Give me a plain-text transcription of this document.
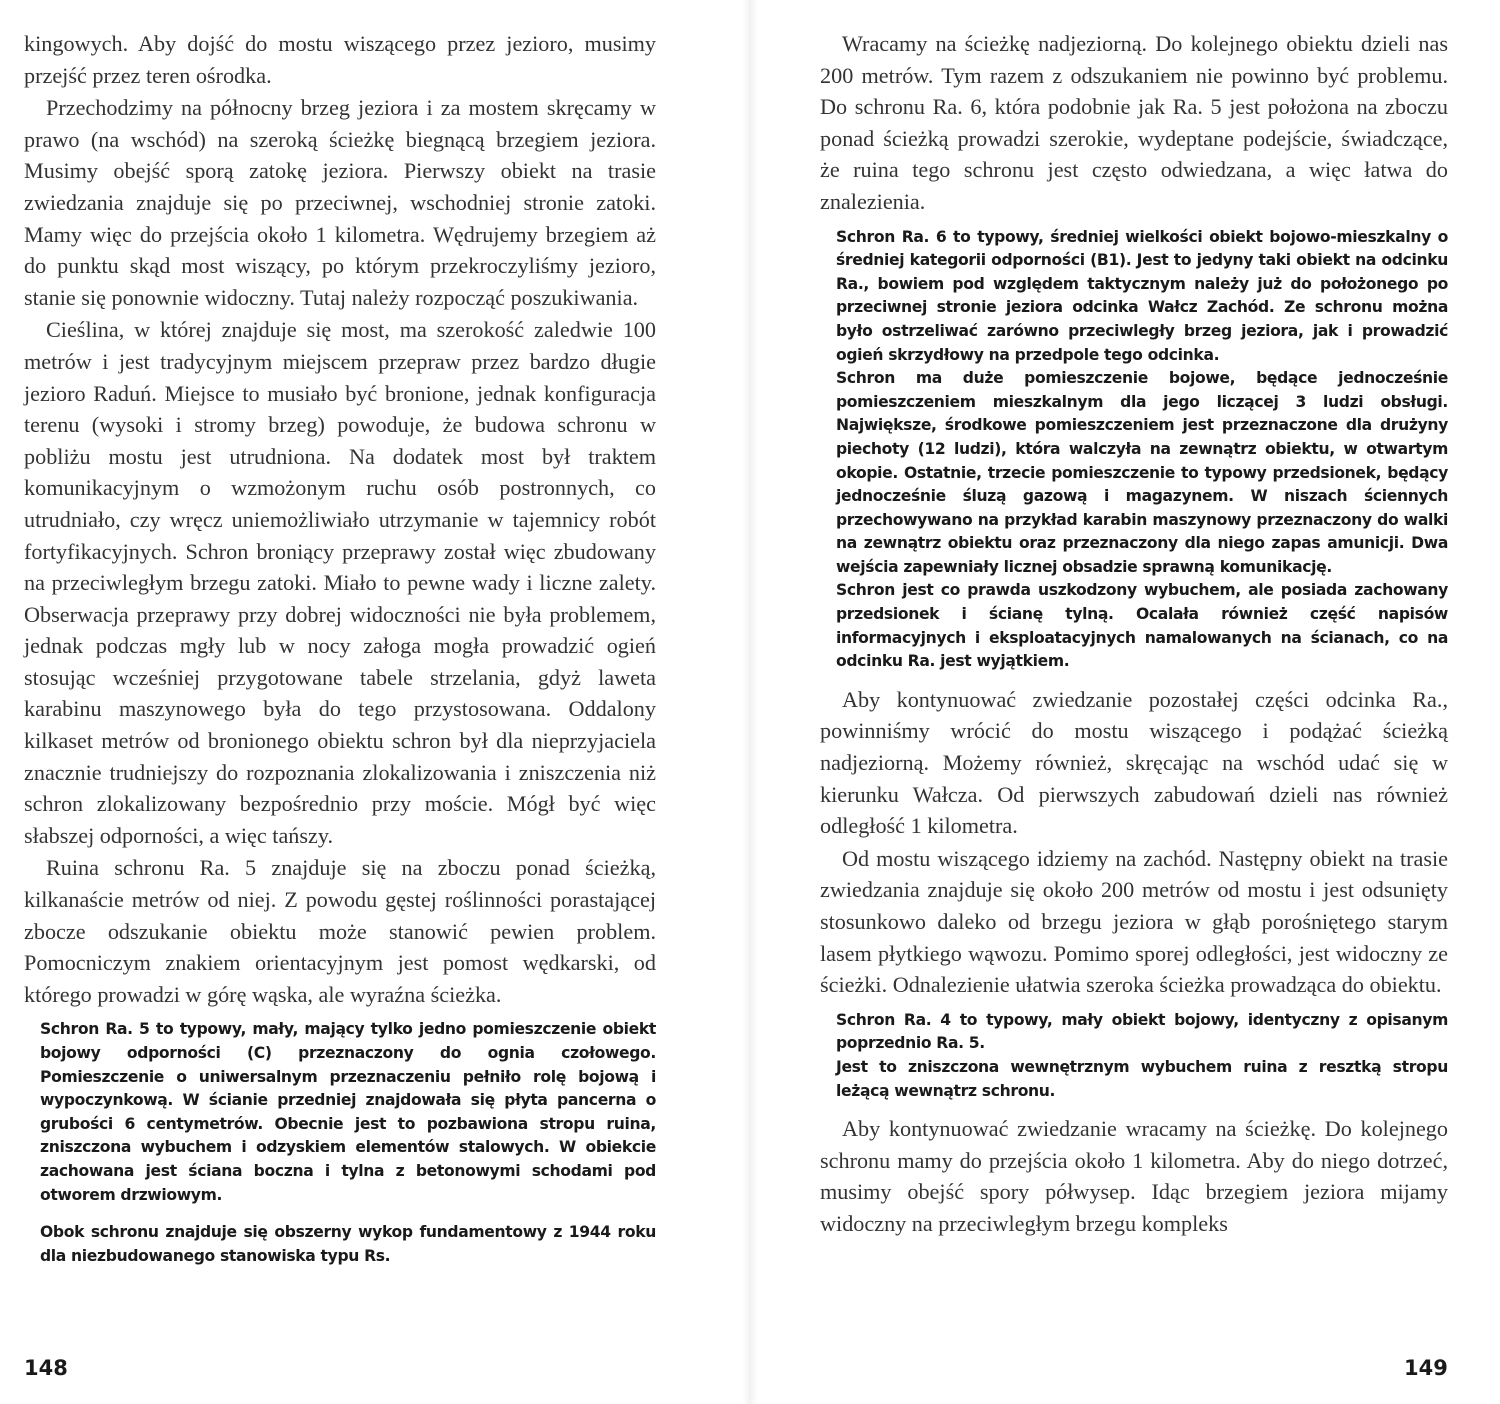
kingowych. Aby dojść do mostu wiszącego przez jezioro, musimy przejść przez teren ośrodka.

Przechodzimy na północny brzeg jeziora i za mostem skręcamy w prawo (na wschód) na szeroką ścieżkę biegnącą brzegiem jeziora. Musimy obejść sporą zatokę jeziora. Pierwszy obiekt na trasie zwiedzania znajduje się po przeciwnej, wschodniej stronie zatoki. Mamy więc do przejścia około 1 kilometra. Wędrujemy brzegiem aż do punktu skąd most wiszący, po którym przekroczyliśmy jezioro, stanie się ponownie widoczny. Tutaj należy rozpocząć poszukiwania.

Cieślina, w której znajduje się most, ma szerokość zaledwie 100 metrów i jest tradycyjnym miejscem przepraw przez bardzo długie jezioro Raduń. Miejsce to musiało być bronione, jednak konfiguracja terenu (wysoki i stromy brzeg) powoduje, że budowa schronu w pobliżu mostu jest utrudniona. Na dodatek most był traktem komunikacyjnym o wzmożonym ruchu osób postronnych, co utrudniało, czy wręcz uniemożliwiało utrzymanie w tajemnicy robót fortyfikacyjnych. Schron broniący przeprawy został więc zbudowany na przeciwległym brzegu zatoki. Miało to pewne wady i liczne zalety. Obserwacja przeprawy przy dobrej widoczności nie była problemem, jednak podczas mgły lub w nocy załoga mogła prowadzić ogień stosując wcześniej przygotowane tabele strzelania, gdyż laweta karabinu maszynowego była do tego przystosowana. Oddalony kilkaset metrów od bronionego obiektu schron był dla nieprzyjaciela znacznie trudniejszy do rozpoznania zlokalizowania i zniszczenia niż schron zlokalizowany bezpośrednio przy moście. Mógł być więc słabszej odporności, a więc tańszy.

Ruina schronu Ra. 5 znajduje się na zboczu ponad ścieżką, kilkanaście metrów od niej. Z powodu gęstej roślinności porastającej zbocze odszukanie obiektu może stanowić pewien problem. Pomocniczym znakiem orientacyjnym jest pomost wędkarski, od którego prowadzi w górę wąska, ale wyraźna ścieżka.

Schron Ra. 5 to typowy, mały, mający tylko jedno pomieszczenie obiekt bojowy odporności (C) przeznaczony do ognia czołowego. Pomieszczenie o uniwersalnym przeznaczeniu pełniło rolę bojową i wypoczynkową. W ścianie przedniej znajdowała się płyta pancerna o grubości 6 centymetrów. Obecnie jest to pozbawiona stropu ruina, zniszczona wybuchem i odzyskiem elementów stalowych. W obiekcie zachowana jest ściana boczna i tylna z betonowymi schodami pod otworem drzwiowym.

Obok schronu znajduje się obszerny wykop fundamentowy z 1944 roku dla niezbudowanego stanowiska typu Rs.

148

Wracamy na ścieżkę nadjeziorną. Do kolejnego obiektu dzieli nas 200 metrów. Tym razem z odszukaniem nie powinno być problemu. Do schronu Ra. 6, która podobnie jak Ra. 5 jest położona na zboczu ponad ścieżką prowadzi szerokie, wydeptane podejście, świadczące, że ruina tego schronu jest często odwiedzana, a więc łatwa do znalezienia.

Schron Ra. 6 to typowy, średniej wielkości obiekt bojowo-mieszkalny o średniej kategorii odporności (B1). Jest to jedyny taki obiekt na odcinku Ra., bowiem pod względem taktycznym należy już do położonego po przeciwnej stronie jeziora odcinka Wałcz Zachód. Ze schronu można było ostrzeliwać zarówno przeciwległy brzeg jeziora, jak i prowadzić ogień skrzydłowy na przedpole tego odcinka.

Schron ma duże pomieszczenie bojowe, będące jednocześnie pomieszczeniem mieszkalnym dla jego liczącej 3 ludzi obsługi. Największe, środkowe pomieszczeniem jest przeznaczone dla drużyny piechoty (12 ludzi), która walczyła na zewnątrz obiektu, w otwartym okopie. Ostatnie, trzecie pomieszczenie to typowy przedsionek, będący jednocześnie śluzą gazową i magazynem. W niszach ściennych przechowywano na przykład karabin maszynowy przeznaczony do walki na zewnątrz obiektu oraz przeznaczony dla niego zapas amunicji. Dwa wejścia zapewniały licznej obsadzie sprawną komunikację.

Schron jest co prawda uszkodzony wybuchem, ale posiada zachowany przedsionek i ścianę tylną. Ocalała również część napisów informacyjnych i eksploatacyjnych namalowanych na ścianach, co na odcinku Ra. jest wyjątkiem.

Aby kontynuować zwiedzanie pozostałej części odcinka Ra., powinniśmy wrócić do mostu wiszącego i podążać ścieżką nadjeziorną. Możemy również, skręcając na wschód udać się w kierunku Wałcza. Od pierwszych zabudowań dzieli nas również odległość 1 kilometra.

Od mostu wiszącego idziemy na zachód. Następny obiekt na trasie zwiedzania znajduje się około 200 metrów od mostu i jest odsunięty stosunkowo daleko od brzegu jeziora w głąb porośniętego starym lasem płytkiego wąwozu. Pomimo sporej odległości, jest widoczny ze ścieżki. Odnalezienie ułatwia szeroka ścieżka prowadząca do obiektu.

Schron Ra. 4 to typowy, mały obiekt bojowy, identyczny z opisanym poprzednio Ra. 5.

Jest to zniszczona wewnętrznym wybuchem ruina z resztką stropu leżącą wewnątrz schronu.

Aby kontynuować zwiedzanie wracamy na ścieżkę. Do kolejnego schronu mamy do przejścia około 1 kilometra. Aby do niego dotrzeć, musimy obejść spory półwysep. Idąc brzegiem jeziora mijamy widoczny na przeciwległym brzegu kompleks

149
